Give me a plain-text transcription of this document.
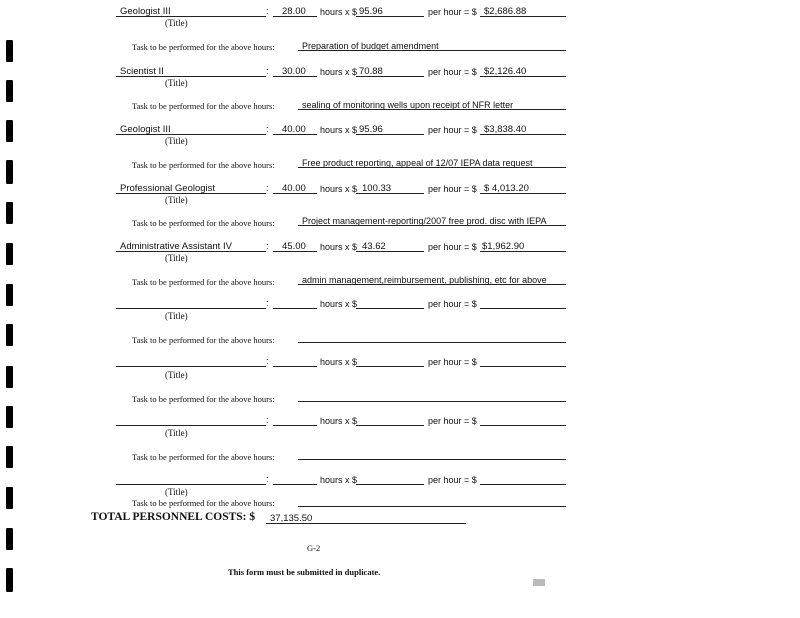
Geologist III	: 28.00 hours x $ 95.96	per hour = $ $2,686.88
(Title)
Task to be performed for the above hours:	Preparation of budget amendment
Scientist II	: 30.00 hours x $ 70.88	per hour = $ $2,126.40
(Title)
Task to be performed for the above hours:	sealing of monitoring wells upon receipt of NFR letter
Geologist III	: 40.00 hours x $ 95.96	per hour = $ $3,838.40
(Title)
Task to be performed for the above hours:	Free product reporting, appeal of 12/07 IEPA data request
Professional Geologist	: 40.00 hours x $ 100.33	per hour = $ $ 4,013.20
(Title)
Task to be performed for the above hours:	Project management-reporting/2007 free prod. disc with IEPA
Administrative Assistant IV	: 45.00 hours x $ 43.62	per hour = $ $1,962.90
(Title)
Task to be performed for the above hours:	admin management,reimbursement, publishing, etc for above
:	hours x $	per hour = $
(Title)
Task to be performed for the above hours:
:	hours x $	per hour = $
(Title)
Task to be performed for the above hours:
:	hours x $	per hour = $
(Title)
Task to be performed for the above hours:
:	hours x $	per hour = $
(Title)
Task to be performed for the above hours:
TOTAL PERSONNEL COSTS: $ 37,135.50
G-2
This form must be submitted in duplicate.
